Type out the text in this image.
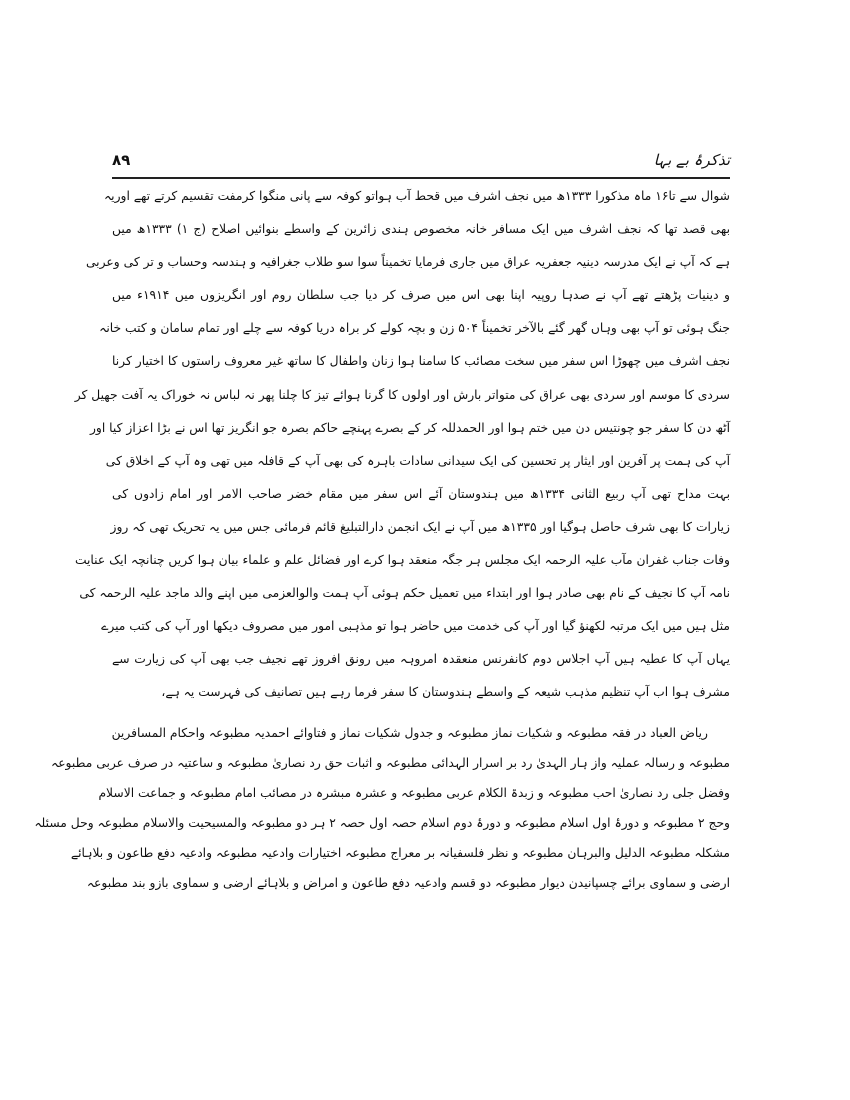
تذکرۂ بے بہا
۸۹
شوال سے تا۱۶ ماہ مذکورا ۱۳۳۳ھ میں نجف اشرف میں قحط آب ہواتو کوفہ سے پانی منگوا کرمفت تقسیم کرتے تھے اوریہ
بھی قصد تھا کہ نجف اشرف میں ایک مسافر خانہ مخصوص ہندی زائرین کے واسطے بنوائیں اصلاح (ج ۱) ۱۳۳۳ھ میں
ہے کہ آپ نے ایک مدرسہ دینیہ جعفریہ عراق میں جاری فرمایا تخمیناً سوا سو طلاب جغرافیہ و ہندسہ وحساب و تر کی وعربی
و دینیات پڑھتے تھے آپ نے صدہا روپیہ اپنا بھی اس میں صرف کر دیا جب سلطان روم اور انگریزوں میں ۱۹۱۴ء میں
جنگ ہوئی تو آپ بھی وہاں گھر گئے بالآخر تخمیناً ۵۰۴ زن و بچہ کولے کر براہ دریا کوفہ سے چلے اور تمام سامان و کتب خانہ
نجف اشرف میں چھوڑا اس سفر میں سخت مصائب کا سامنا ہوا زنان واطفال کا ساتھ غیر معروف راستوں کا اختیار کرنا
سردی کا موسم اور سردی بھی عراق کی متواتر بارش اور اولوں کا گرنا ہوائے تیز کا چلنا پھر نہ لباس نہ خوراک یہ آفت جھیل کر
آٹھ دن کا سفر جو چونتیس دن میں ختم ہوا اور الحمدللہ کر کے بصرے پہنچے حاکم بصرہ جو انگریز تھا اس نے بڑا اعزاز کیا اور
آپ کی ہمت پر آفرین اور ایثار پر تحسین کی ایک سیدانی سادات باہرہ کی بھی آپ کے قافلہ میں تھی وہ آپ کے اخلاق کی
بہت مداح تھی آپ ربیع الثانی ۱۳۳۴ھ میں ہندوستان آئے اس سفر میں مقام خضر صاحب الامر اور امام زادوں کی
زیارات کا بھی شرف حاصل ہوگیا اور ۱۳۳۵ھ میں آپ نے ایک انجمن دارالتبلیغ قائم فرمائی جس میں یہ تحریک تھی کہ روز
وفات جناب غفران مآب علیہ الرحمہ ایک مجلس ہر جگہ منعقد ہوا کرے اور فضائل علم و علماء بیان ہوا کریں چنانچہ ایک عنایت
نامہ آپ کا نجیف کے نام بھی صادر ہوا اور ابتداء میں تعمیل حکم ہوئی آپ ہمت والوالعزمی میں اپنے والد ماجد علیہ الرحمہ کی
مثل ہیں میں ایک مرتبہ لکھنؤ گیا اور آپ کی خدمت میں حاضر ہوا تو مذہبی امور میں مصروف دیکھا اور آپ کی کتب میرے
یہاں آپ کا عطیہ ہیں آپ اجلاس دوم کانفرنس منعقدہ امروہہ میں رونق افروز تھے نجیف جب بھی آپ کی زیارت سے
مشرف ہوا اب آپ تنظیم مذہب شیعہ کے واسطے ہندوستان کا سفر فرما رہے ہیں تصانیف کی فہرست یہ ہے،
ریاض العباد در فقہ مطبوعہ و شکیات نماز مطبوعہ و جدول شکیات نماز و فتاوائے احمدیہ مطبوعہ واحکام المسافرین
مطبوعہ و رسالہ عملیہ واز ہار الہدیٰ رد بر اسرار الہدائی مطبوعہ و اثبات حق رد نصاریٰ مطبوعہ و ساعتیہ در صرف عربی مطبوعہ
وفضل جلی رد نصاریٰ احب مطبوعہ و زبدۃ الکلام عربی مطبوعہ و عشرہ مبشرہ در مصائب امام مطبوعہ و جماعت الاسلام
وحج ۲ مطبوعہ و دورۂ اول اسلام مطبوعہ و دورۂ دوم اسلام حصہ اول حصہ ۲ ہر دو مطبوعہ والمسیحیت والاسلام مطبوعہ وحل مسئلہ
مشکلہ مطبوعہ الدلیل والبرہان مطبوعہ و نظر فلسفیانہ بر معراج مطبوعہ اختیارات وادعیہ مطبوعہ وادعیہ دفع طاعون و بلاہائے
ارضی و سماوی برائے چسپانیدن دیوار مطبوعہ دو قسم وادعیہ دفع طاعون و امراض و بلاہائے ارضی و سماوی بازو بند مطبوعہ
